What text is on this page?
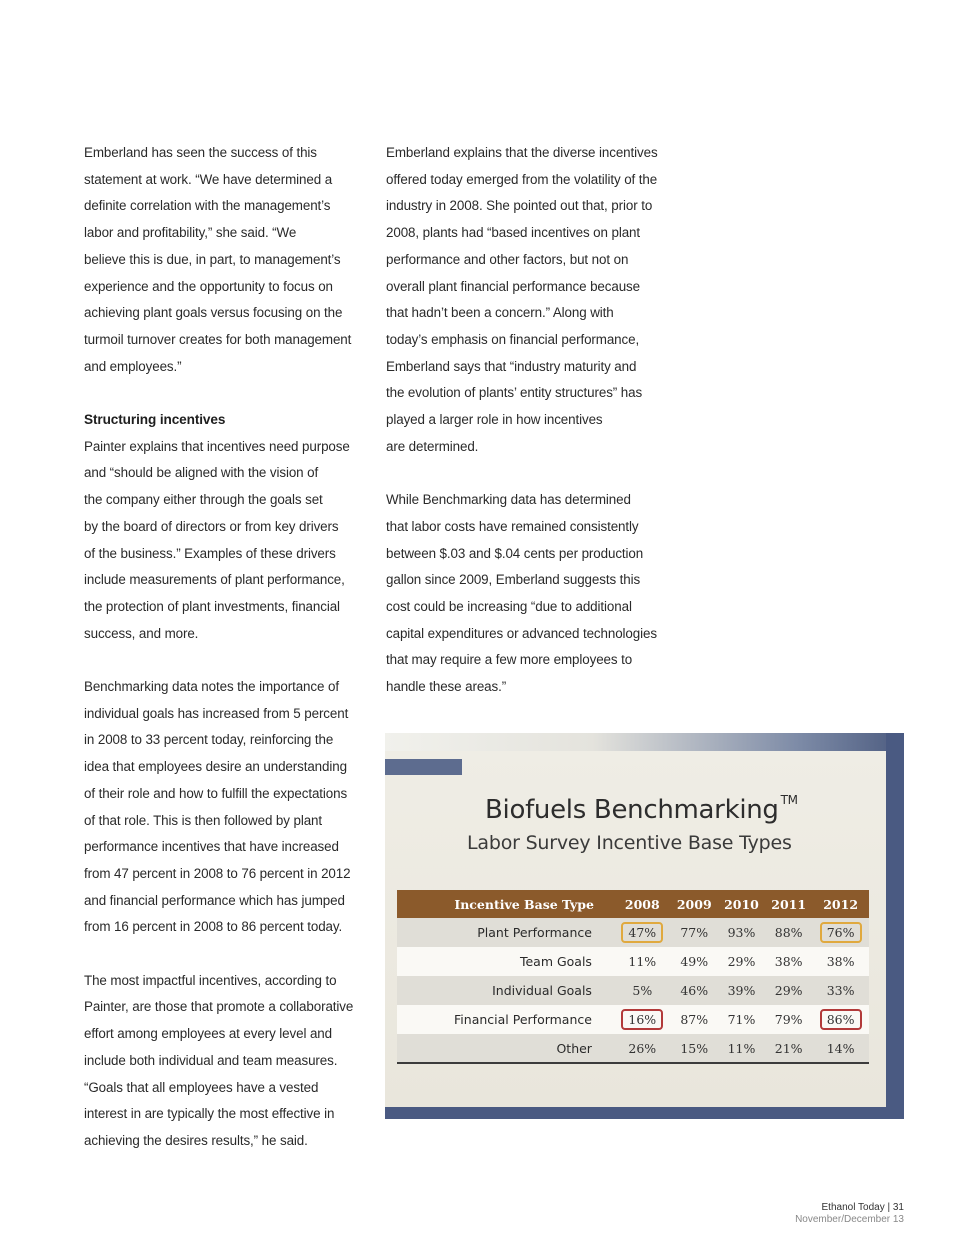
Emberland has seen the success of this
statement at work. “We have determined a
definite correlation with the management’s
labor and profitability,” she said. “We
believe this is due, in part, to management’s
experience and the opportunity to focus on
achieving plant goals versus focusing on the
turmoil turnover creates for both management
and employees.”

Structuring incentives

Painter explains that incentives need purpose
and “should be aligned with the vision of
the company either through the goals set
by the board of directors or from key drivers
of the business.” Examples of these drivers
include measurements of plant performance,
the protection of plant investments, financial
success, and more.

Benchmarking data notes the importance of
individual goals has increased from 5 percent
in 2008 to 33 percent today, reinforcing the
idea that employees desire an understanding
of their role and how to fulfill the expectations
of that role. This is then followed by plant
performance incentives that have increased
from 47 percent in 2008 to 76 percent in 2012
and financial performance which has jumped
from 16 percent in 2008 to 86 percent today.

The most impactful incentives, according to
Painter, are those that promote a collaborative
effort among employees at every level and
include both individual and team measures.
“Goals that all employees have a vested
interest in are typically the most effective in
achieving the desires results,” he said.

Emberland explains that the diverse incentives
offered today emerged from the volatility of the
industry in 2008. She pointed out that, prior to
2008, plants had “based incentives on plant
performance and other factors, but not on
overall plant financial performance because
that hadn’t been a concern.” Along with
today’s emphasis on financial performance,
Emberland says that “industry maturity and
the evolution of plants’ entity structures” has
played a larger role in how incentives
are determined.

While Benchmarking data has determined
that labor costs have remained consistently
between $.03 and $.04 cents per production
gallon since 2009, Emberland suggests this
cost could be increasing “due to additional
capital expenditures or advanced technologies
that may require a few more employees to
handle these areas.”

Biofuels Benchmarking ™
Labor Survey Incentive Base Types
Incentive Base Type	2008	2009	2010	2011	2012
Plant Performance	47%	77%	93%	88%	76%
Team Goals	11%	49%	29%	38%	38%
Individual Goals	5%	46%	39%	29%	33%
Financial Performance	16%	87%	71%	79%	86%
Other	26%	15%	11%	21%	14%
Ethanol Today | 31
November/December 13
